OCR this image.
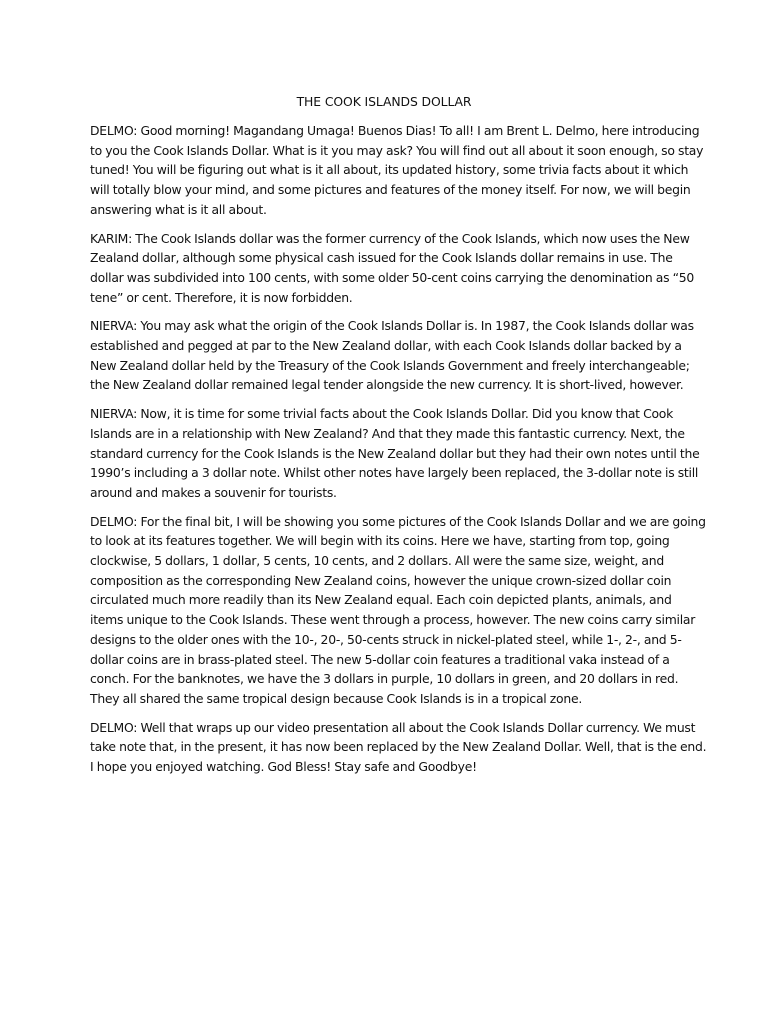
THE COOK ISLANDS DOLLAR

DELMO: Good morning! Magandang Umaga! Buenos Dias! To all! I am Brent L. Delmo, here introducing to you the Cook Islands Dollar. What is it you may ask? You will find out all about it soon enough, so stay tuned! You will be figuring out what is it all about, its updated history, some trivia facts about it which will totally blow your mind, and some pictures and features of the money itself. For now, we will begin answering what is it all about.

KARIM: The Cook Islands dollar was the former currency of the Cook Islands, which now uses the New Zealand dollar, although some physical cash issued for the Cook Islands dollar remains in use. The dollar was subdivided into 100 cents, with some older 50-cent coins carrying the denomination as “50 tene” or cent. Therefore, it is now forbidden.

NIERVA: You may ask what the origin of the Cook Islands Dollar is. In 1987, the Cook Islands dollar was established and pegged at par to the New Zealand dollar, with each Cook Islands dollar backed by a New Zealand dollar held by the Treasury of the Cook Islands Government and freely interchangeable; the New Zealand dollar remained legal tender alongside the new currency. It is short-lived, however.

NIERVA: Now, it is time for some trivial facts about the Cook Islands Dollar. Did you know that Cook Islands are in a relationship with New Zealand? And that they made this fantastic currency. Next, the standard currency for the Cook Islands is the New Zealand dollar but they had their own notes until the 1990’s including a 3 dollar note. Whilst other notes have largely been replaced, the 3-dollar note is still around and makes a souvenir for tourists.

DELMO: For the final bit, I will be showing you some pictures of the Cook Islands Dollar and we are going to look at its features together. We will begin with its coins. Here we have, starting from top, going clockwise, 5 dollars, 1 dollar, 5 cents, 10 cents, and 2 dollars. All were the same size, weight, and composition as the corresponding New Zealand coins, however the unique crown-sized dollar coin circulated much more readily than its New Zealand equal. Each coin depicted plants, animals, and items unique to the Cook Islands. These went through a process, however. The new coins carry similar designs to the older ones with the 10-, 20-, 50-cents struck in nickel-plated steel, while 1-, 2-, and 5-dollar coins are in brass-plated steel. The new 5-dollar coin features a traditional vaka instead of a conch. For the banknotes, we have the 3 dollars in purple, 10 dollars in green, and 20 dollars in red. They all shared the same tropical design because Cook Islands is in a tropical zone.

DELMO: Well that wraps up our video presentation all about the Cook Islands Dollar currency. We must take note that, in the present, it has now been replaced by the New Zealand Dollar. Well, that is the end. I hope you enjoyed watching. God Bless! Stay safe and Goodbye!
